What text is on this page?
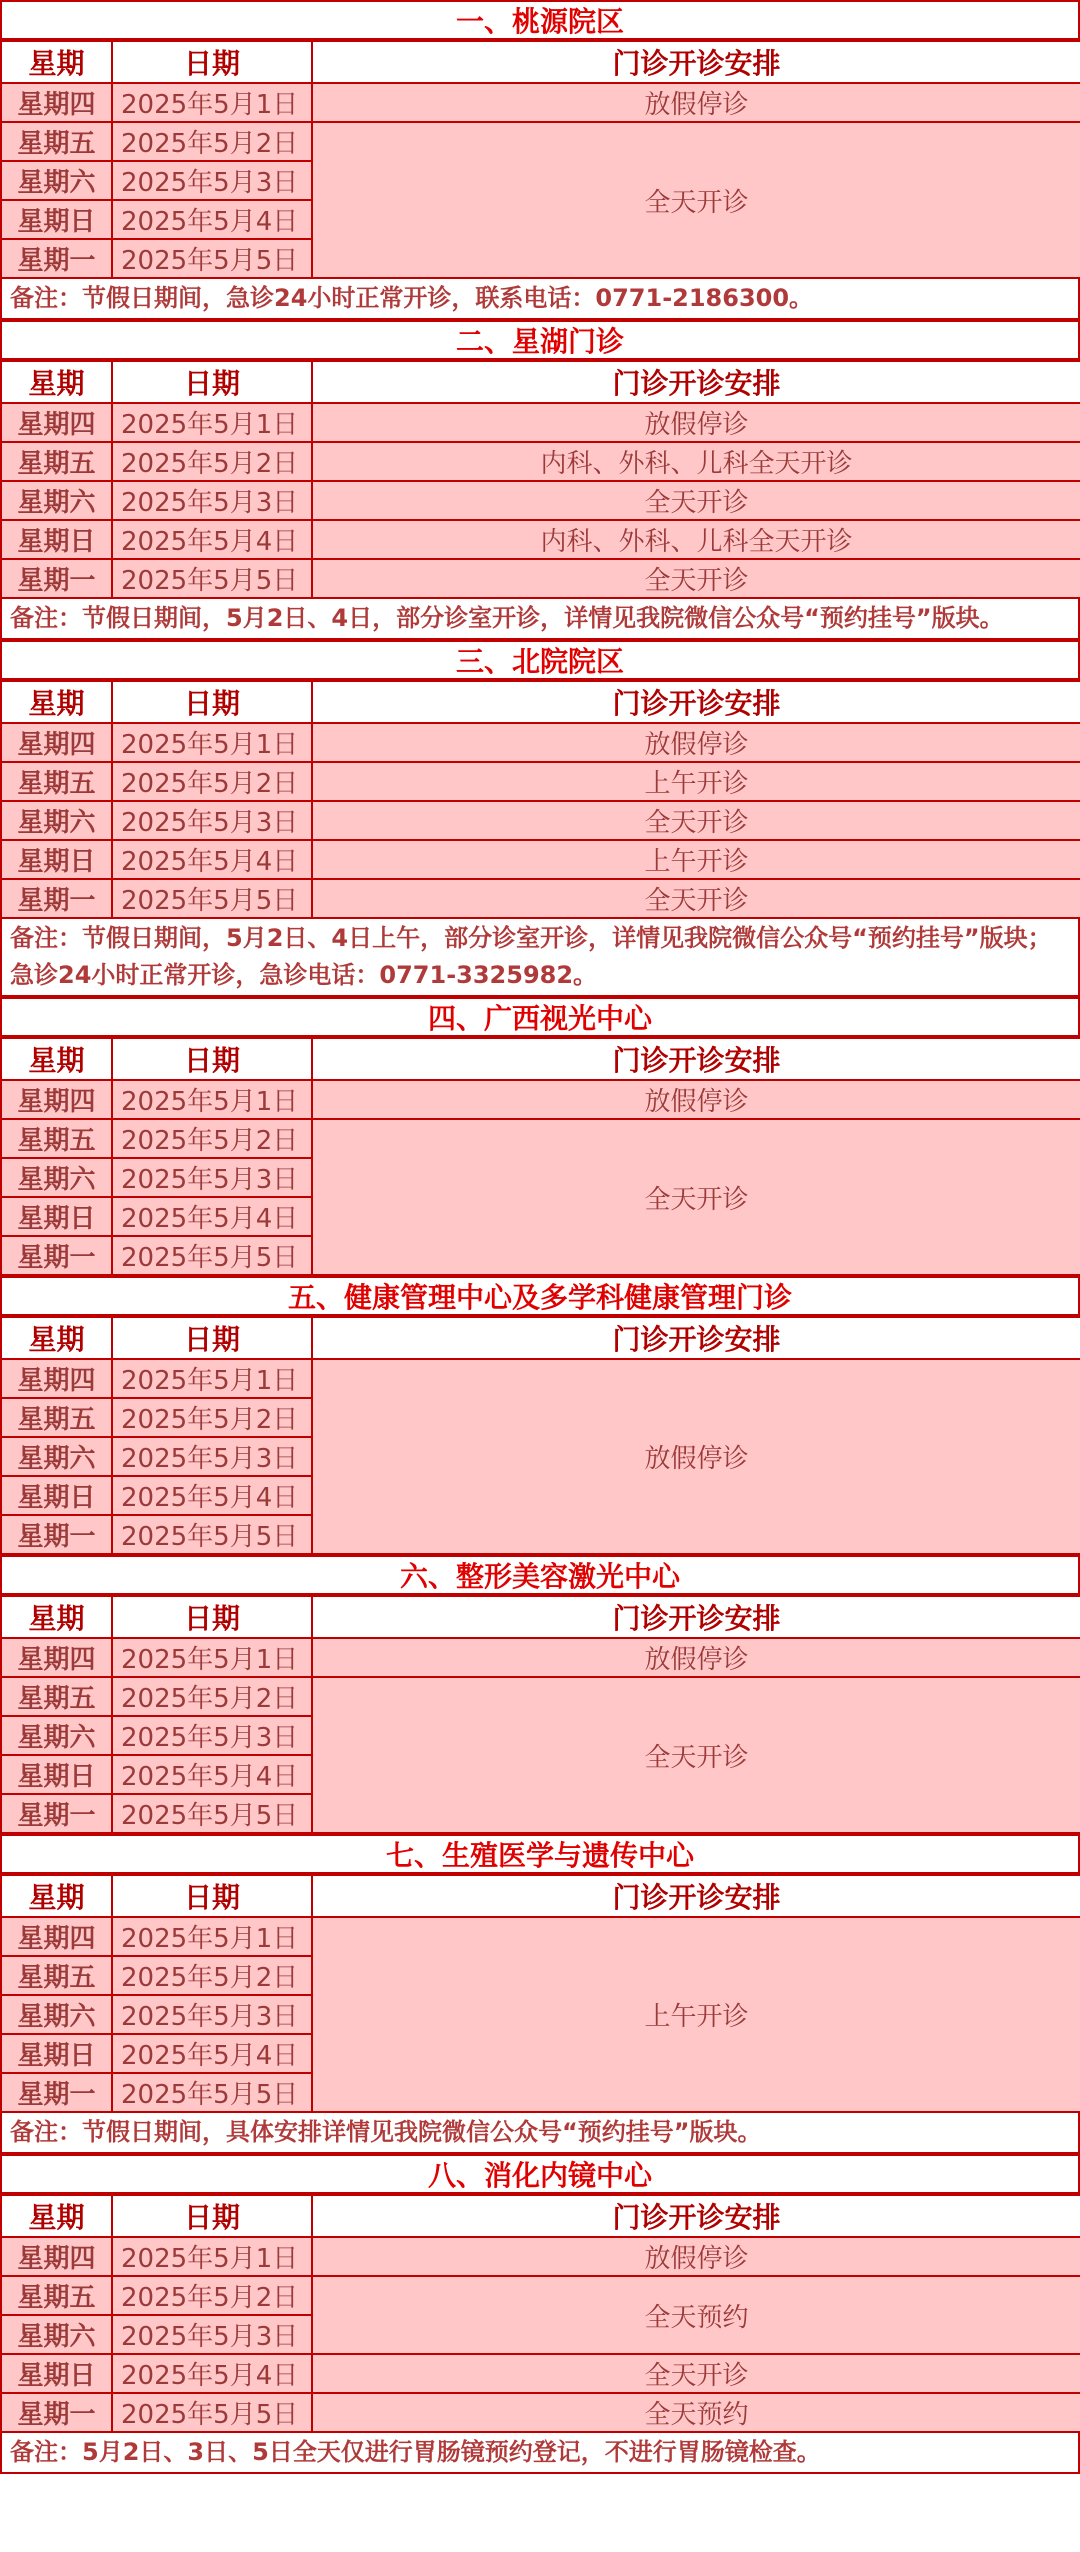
一、桃源院区
星期	日期	门诊开诊安排
星期四	2025年5月1日	放假停诊
星期五	2025年5月2日	全天开诊
星期六	2025年5月3日	
星期日	2025年5月4日	
星期一	2025年5月5日	
备注：节假日期间，急诊24小时正常开诊，联系电话：0771-2186300。
二、星湖门诊
星期	日期	门诊开诊安排
星期四	2025年5月1日	放假停诊
星期五	2025年5月2日	内科、外科、儿科全天开诊
星期六	2025年5月3日	全天开诊
星期日	2025年5月4日	内科、外科、儿科全天开诊
星期一	2025年5月5日	全天开诊
备注：节假日期间，5月2日、4日，部分诊室开诊，详情见我院微信公众号“预约挂号”版块。
三、北院院区
星期	日期	门诊开诊安排
星期四	2025年5月1日	放假停诊
星期五	2025年5月2日	上午开诊
星期六	2025年5月3日	全天开诊
星期日	2025年5月4日	上午开诊
星期一	2025年5月5日	全天开诊
备注：节假日期间，5月2日、4日上午，部分诊室开诊，详情见我院微信公众号“预约挂号”版块；急诊24小时正常开诊，急诊电话：0771-3325982。
四、广西视光中心
星期	日期	门诊开诊安排
星期四	2025年5月1日	放假停诊
星期五	2025年5月2日	全天开诊
星期六	2025年5月3日	
星期日	2025年5月4日	
星期一	2025年5月5日	
五、健康管理中心及多学科健康管理门诊
星期	日期	门诊开诊安排
星期四	2025年5月1日	放假停诊
星期五	2025年5月2日	
星期六	2025年5月3日	
星期日	2025年5月4日	
星期一	2025年5月5日	
六、整形美容激光中心
星期	日期	门诊开诊安排
星期四	2025年5月1日	放假停诊
星期五	2025年5月2日	全天开诊
星期六	2025年5月3日	
星期日	2025年5月4日	
星期一	2025年5月5日	
七、生殖医学与遗传中心
星期	日期	门诊开诊安排
星期四	2025年5月1日	上午开诊
星期五	2025年5月2日	
星期六	2025年5月3日	
星期日	2025年5月4日	
星期一	2025年5月5日	
备注：节假日期间，具体安排详情见我院微信公众号“预约挂号”版块。
八、消化内镜中心
星期	日期	门诊开诊安排
星期四	2025年5月1日	放假停诊
星期五	2025年5月2日	全天预约
星期六	2025年5月3日	
星期日	2025年5月4日	全天开诊
星期一	2025年5月5日	全天预约
备注：5月2日、3日、5日全天仅进行胃肠镜预约登记，不进行胃肠镜检查。
